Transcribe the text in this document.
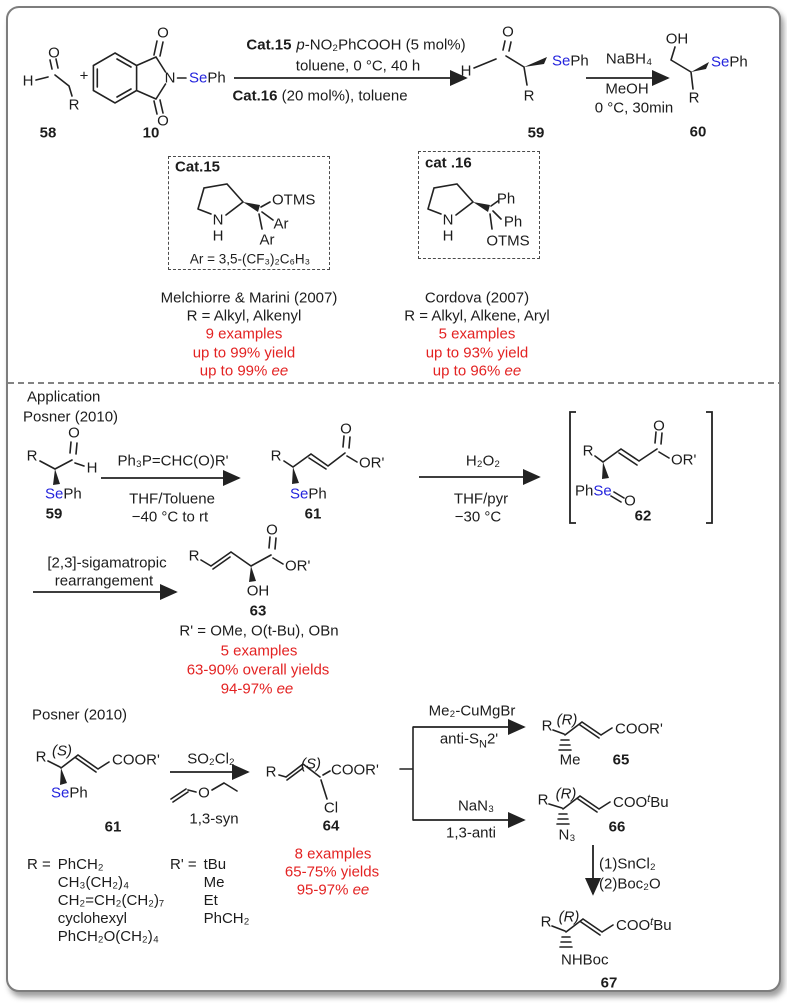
O
H
R
58
+
O
O
N SePh
10
Cat.15 p-NO₂PhCOOH (5 mol%)
toluene, 0 °C, 40 h
Cat.16 (20 mol%), toluene
O
H
SePh
R
59
NaBH₄
MeOH
0 °C, 30min
OH
SePh
R
60
Cat.15
N
H
OTMS
Ar
Ar
Ar = 3,5-(CF₃)₂C₆H₃
Melchiorre & Marini (2007)
R = Alkyl, Alkenyl
9 examples
up to 99% yield
up to 99% ee
cat .16
N
H
Ph
Ph
OTMS
Cordova (2007)
R = Alkyl, Alkene, Aryl
5 examples
up to 93% yield
up to 96% ee
Application
Posner (2010)
R
O
H
SePh
59
Ph₃P=CHC(O)R'
THF/Toluene
−40 °C to rt
R
O
OR'
SePh
61
H₂O₂
THF/pyr
−30 °C
R
O
OR'
PhSe
O
62
[2,3]-sigamatropic
rearrangement
R
O
OR'
OH
63
R' = OMe, O(t-Bu), OBn
5 examples
63-90% overall yields
94-97% ee
Posner (2010)
R (S)
SePh
COOR'
61
SO₂Cl₂
O
1,3-syn
R (S) COOR'
Cl
64
8 examples
65-75% yields
95-97% ee
Me₂-CuMgBr
anti-$S_N2'$
R (R)
Me
COOR'
65
NaN₃
1,3-anti
R (R)
N₃
COO$^t$Bu
66
(1)SnCl₂
(2)Boc₂O
R (R)
NHBoc
COO$^t$Bu
67
R = PhCH₂
CH₃(CH₂)₄
CH₂=CH₂(CH₂)₇
cyclohexyl
PhCH₂O(CH₂)₄
R' = tBu
Me
Et
PhCH₂
